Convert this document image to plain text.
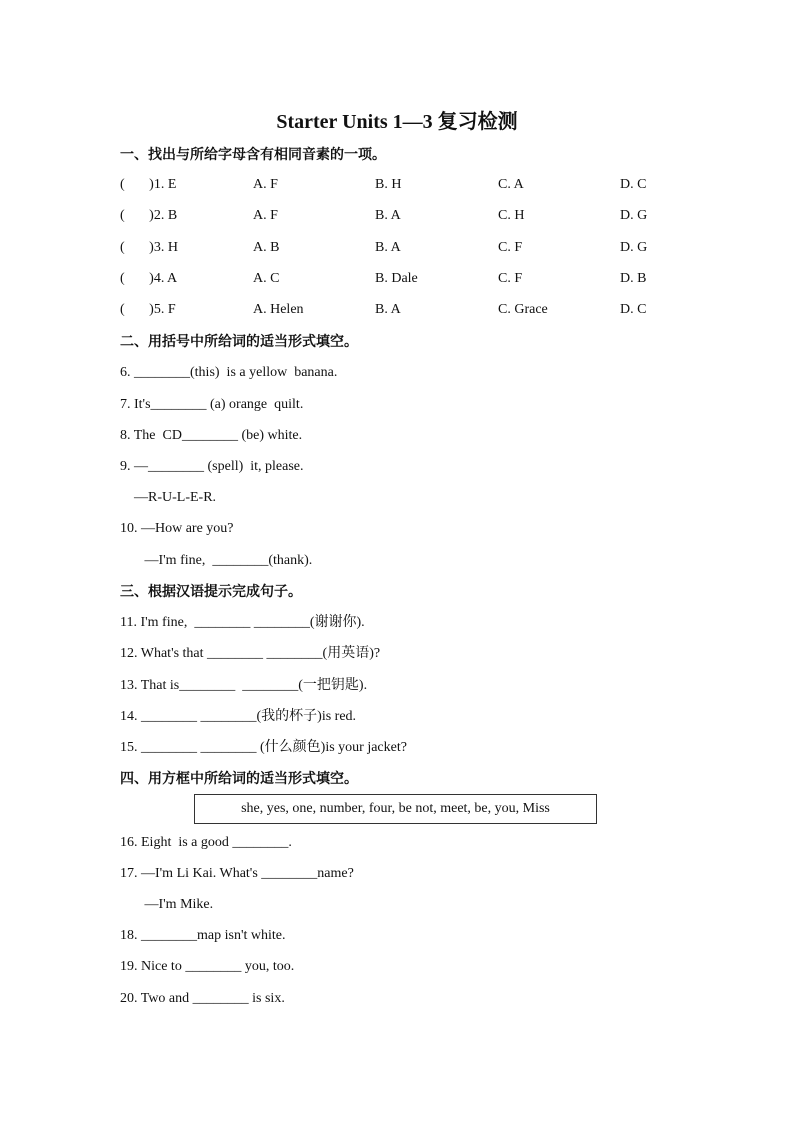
Starter Units 1—3 复习检测
一、找出与所给字母含有相同音素的一项。
(       )1. E	A. F	B. H	C. A	D. C
(       )2. B	A. F	B. A	C. H	D. G
(       )3. H	A. B	B. A	C. F	D. G
(       )4. A	A. C	B. Dale	C. F	D. B
(       )5. F	A. Helen	B. A	C. Grace	D. C
二、用括号中所给词的适当形式填空。
6. ________(this)  is a yellow  banana.
7. It's________ (a) orange  quilt.
8. The  CD________ (be) white.
9. —________ (spell)  it, please.
—R-U-L-E-R.
10. —How are you?
—I'm fine,  ________(thank).
三、根据汉语提示完成句子。
11. I'm fine,  ________ ________(谢谢你).
12. What's that ________ ________(用英语)?
13. That is________  ________(一把钥匙).
14. ________ ________(我的杯子)is red.
15. ________ ________ (什么颜色)is your jacket?
四、用方框中所给词的适当形式填空。
she, yes, one, number, four, be not, meet, be, you, Miss
16. Eight  is a good ________.
17. —I'm Li Kai. What's ________name?
—I'm Mike.
18. ________map isn't white.
19. Nice to ________ you, too.
20. Two and ________ is six.
